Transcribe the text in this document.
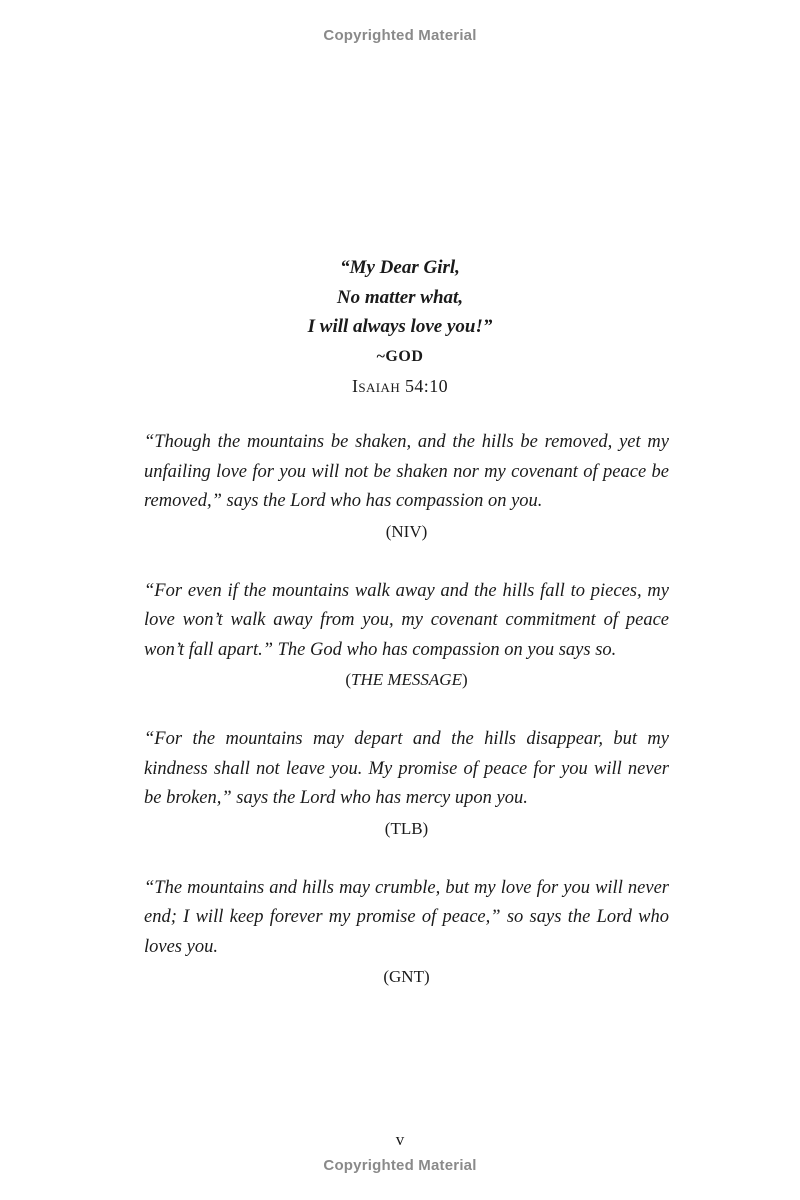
Copyrighted Material
“My Dear Girl,
No matter what,
I will always love you!”
~GOD
Isaiah 54:10

“Though the mountains be shaken, and the hills be removed, yet my unfailing love for you will not be shaken nor my covenant of peace be removed,” says the Lord who has compassion on you.

(NIV)

“For even if the mountains walk away and the hills fall to pieces, my love won’t walk away from you, my covenant commitment of peace won’t fall apart.” The God who has compassion on you says so.

(THE MESSAGE)

“For the mountains may depart and the hills disappear, but my kindness shall not leave you. My promise of peace for you will never be broken,” says the Lord who has mercy upon you.

(TLB)

“The mountains and hills may crumble, but my love for you will never end; I will keep forever my promise of peace,” so says the Lord who loves you.

(GNT)

v
Copyrighted Material
